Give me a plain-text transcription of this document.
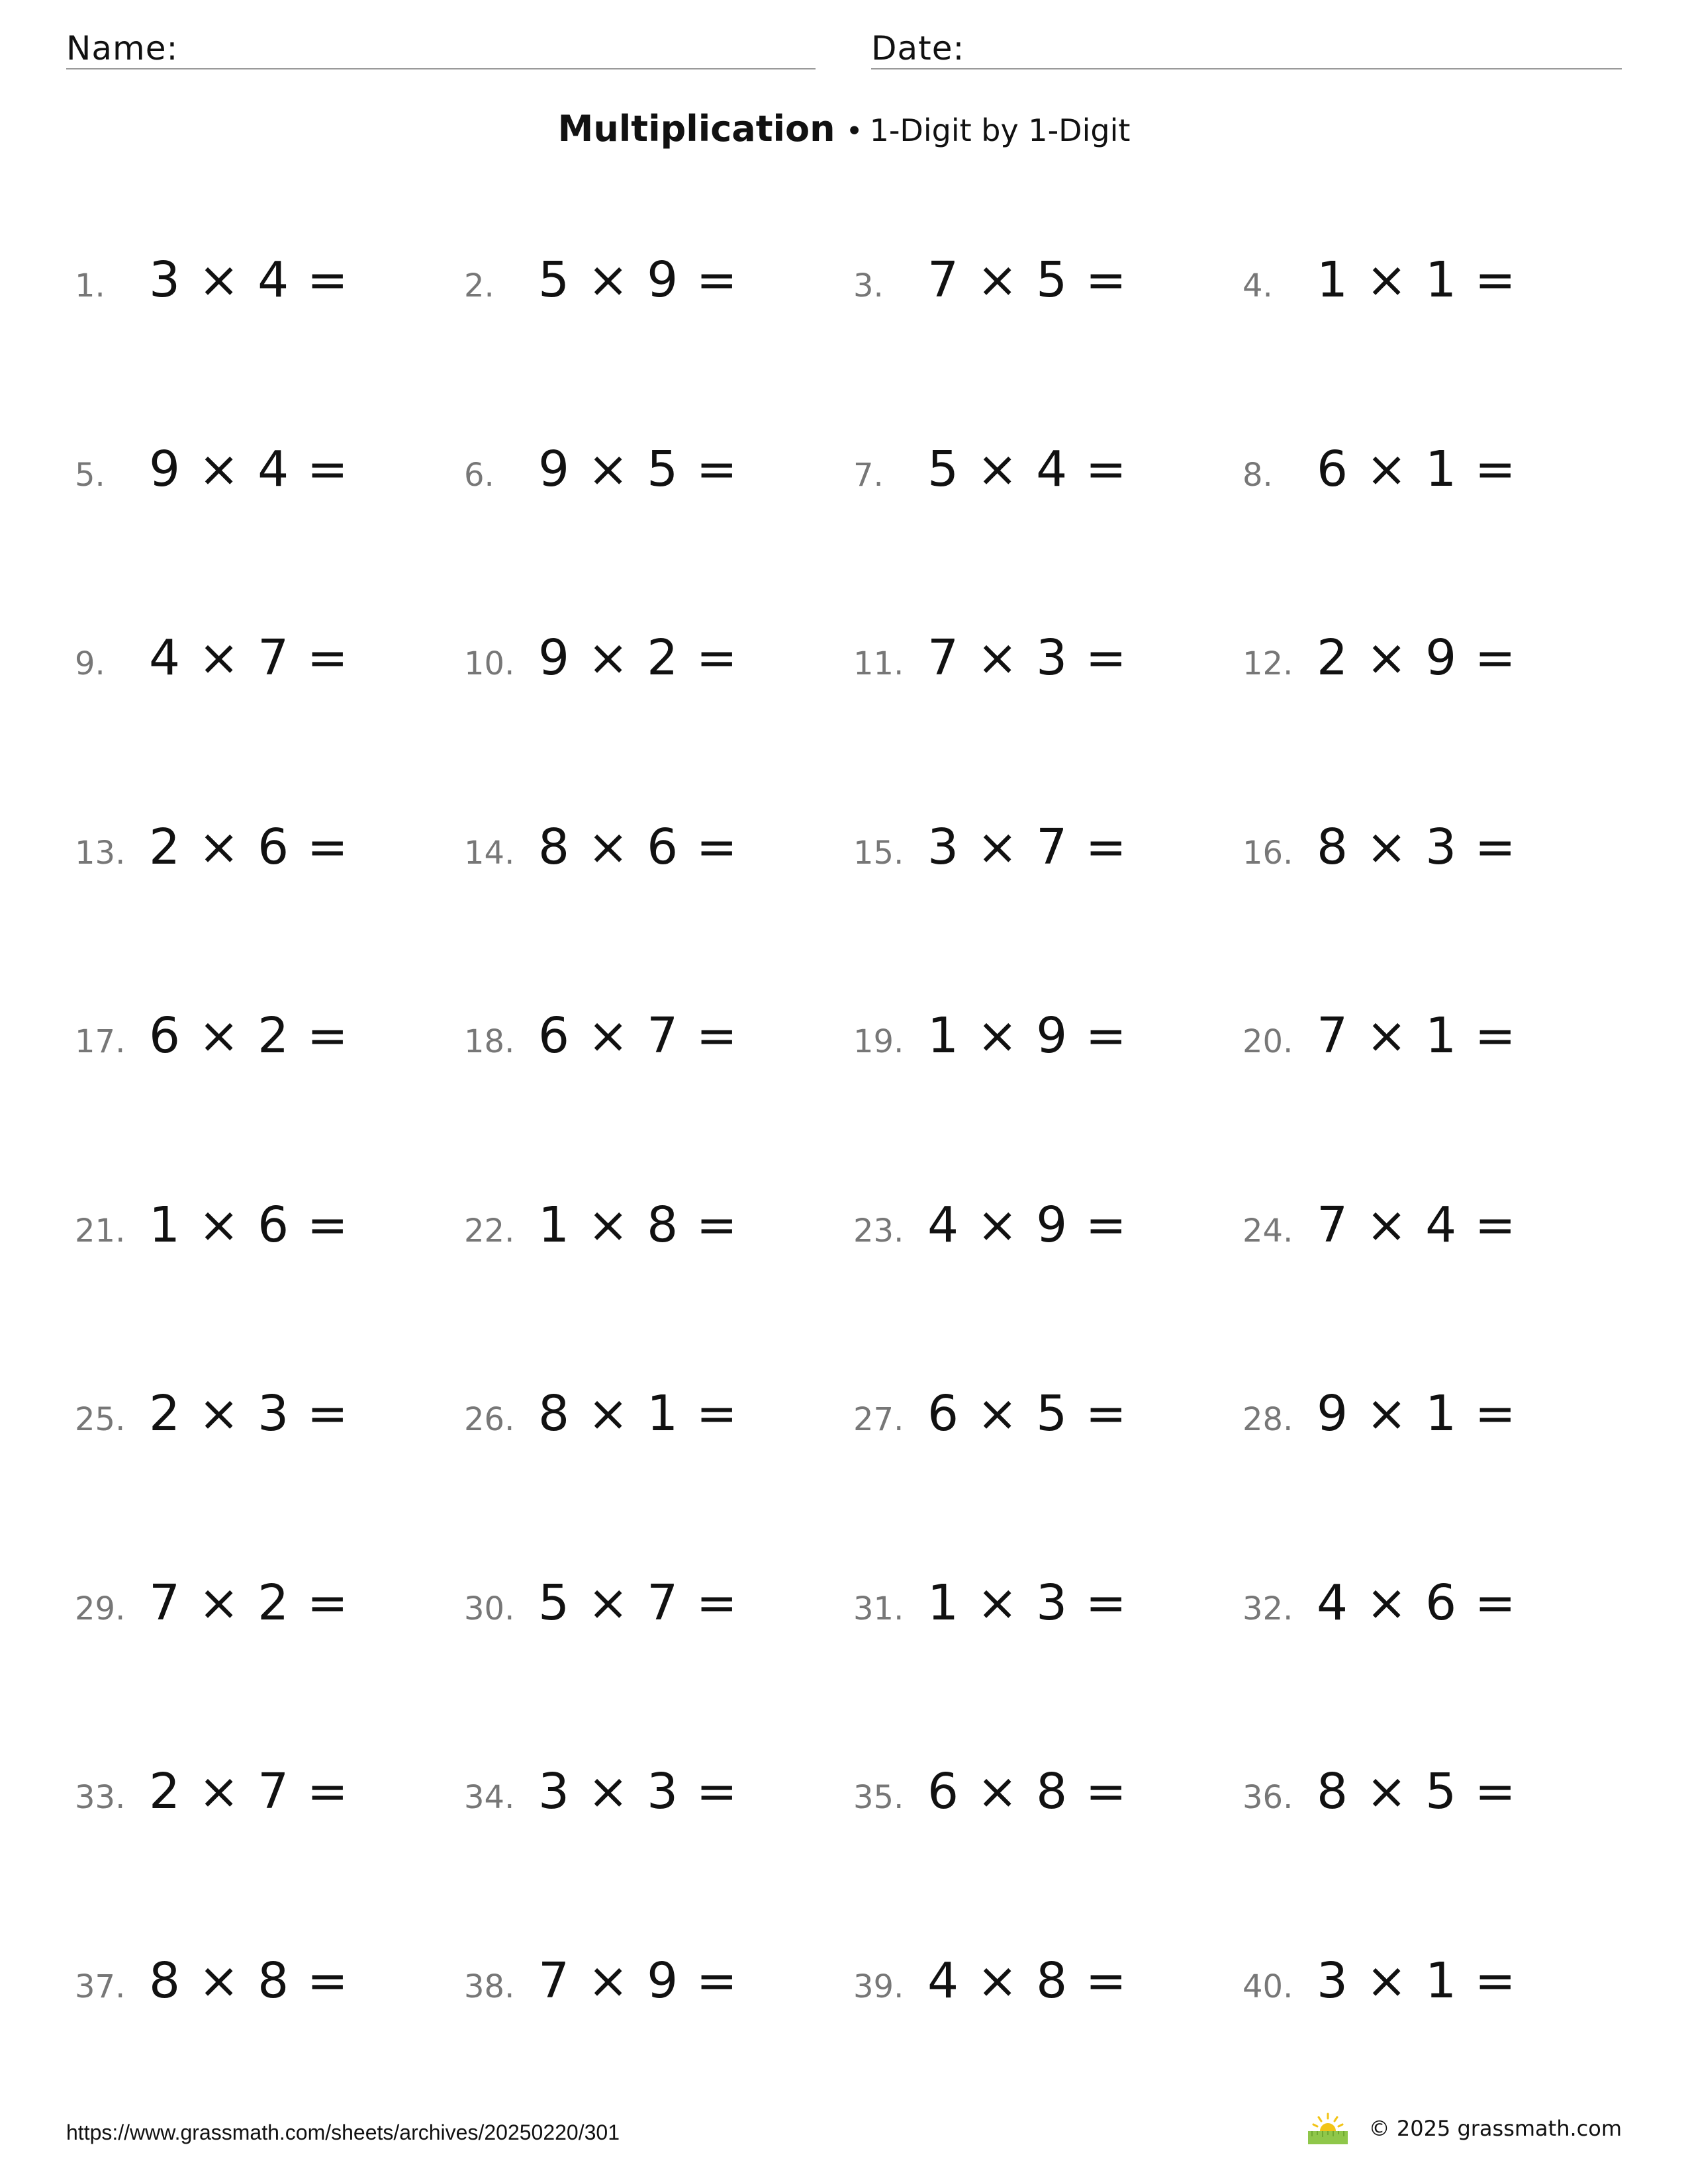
Name:	Date:
Multiplication • 1-Digit by 1-Digit
1. 3 × 4 =	2. 5 × 9 =	3. 7 × 5 =	4. 1 × 1 =
5. 9 × 4 =	6. 9 × 5 =	7. 5 × 4 =	8. 6 × 1 =
9. 4 × 7 =	10. 9 × 2 =	11. 7 × 3 =	12. 2 × 9 =
13. 2 × 6 =	14. 8 × 6 =	15. 3 × 7 =	16. 8 × 3 =
17. 6 × 2 =	18. 6 × 7 =	19. 1 × 9 =	20. 7 × 1 =
21. 1 × 6 =	22. 1 × 8 =	23. 4 × 9 =	24. 7 × 4 =
25. 2 × 3 =	26. 8 × 1 =	27. 6 × 5 =	28. 9 × 1 =
29. 7 × 2 =	30. 5 × 7 =	31. 1 × 3 =	32. 4 × 6 =
33. 2 × 7 =	34. 3 × 3 =	35. 6 × 8 =	36. 8 × 5 =
37. 8 × 8 =	38. 7 × 9 =	39. 4 × 8 =	40. 3 × 1 =
https://www.grassmath.com/sheets/archives/20250220/301	© 2025 grassmath.com
